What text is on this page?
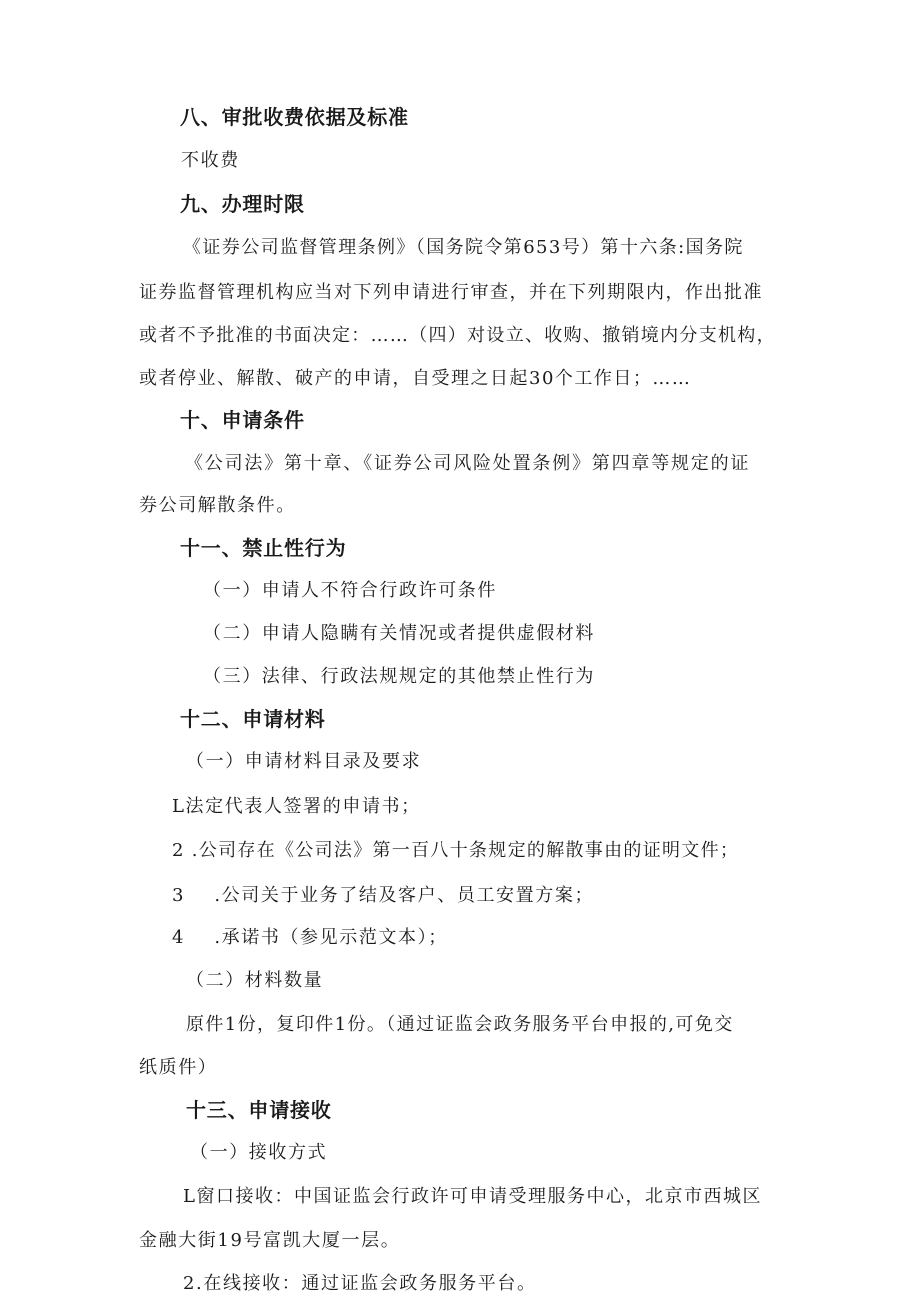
八、审批收费依据及标准
不收费
九、办理时限
《证券公司监督管理条例》（国务院令第653号）第十六条:国务院
证券监督管理机构应当对下列申请进行审查，并在下列期限内，作出批准
或者不予批准的书面决定：……（四）对设立、收购、撤销境内分支机构，
或者停业、解散、破产的申请，自受理之日起30个工作日；……
十、申请条件
《公司法》第十章、《证券公司风险处置条例》第四章等规定的证
券公司解散条件。
十一、禁止性行为
（一）申请人不符合行政许可条件
（二）申请人隐瞒有关情况或者提供虚假材料
（三）法律、行政法规规定的其他禁止性行为
十二、申请材料
（一）申请材料目录及要求
L法定代表人签署的申请书；
2 .公司存在《公司法》第一百八十条规定的解散事由的证明文件；
3    .公司关于业务了结及客户、员工安置方案；
4    .承诺书（参见示范文本）；
（二）材料数量
原件1份，复印件1份。（通过证监会政务服务平台申报的,可免交
纸质件）
十三、申请接收
（一）接收方式
L窗口接收：中国证监会行政许可申请受理服务中心，北京市西城区
金融大街19号富凯大厦一层。
2.在线接收：通过证监会政务服务平台。
